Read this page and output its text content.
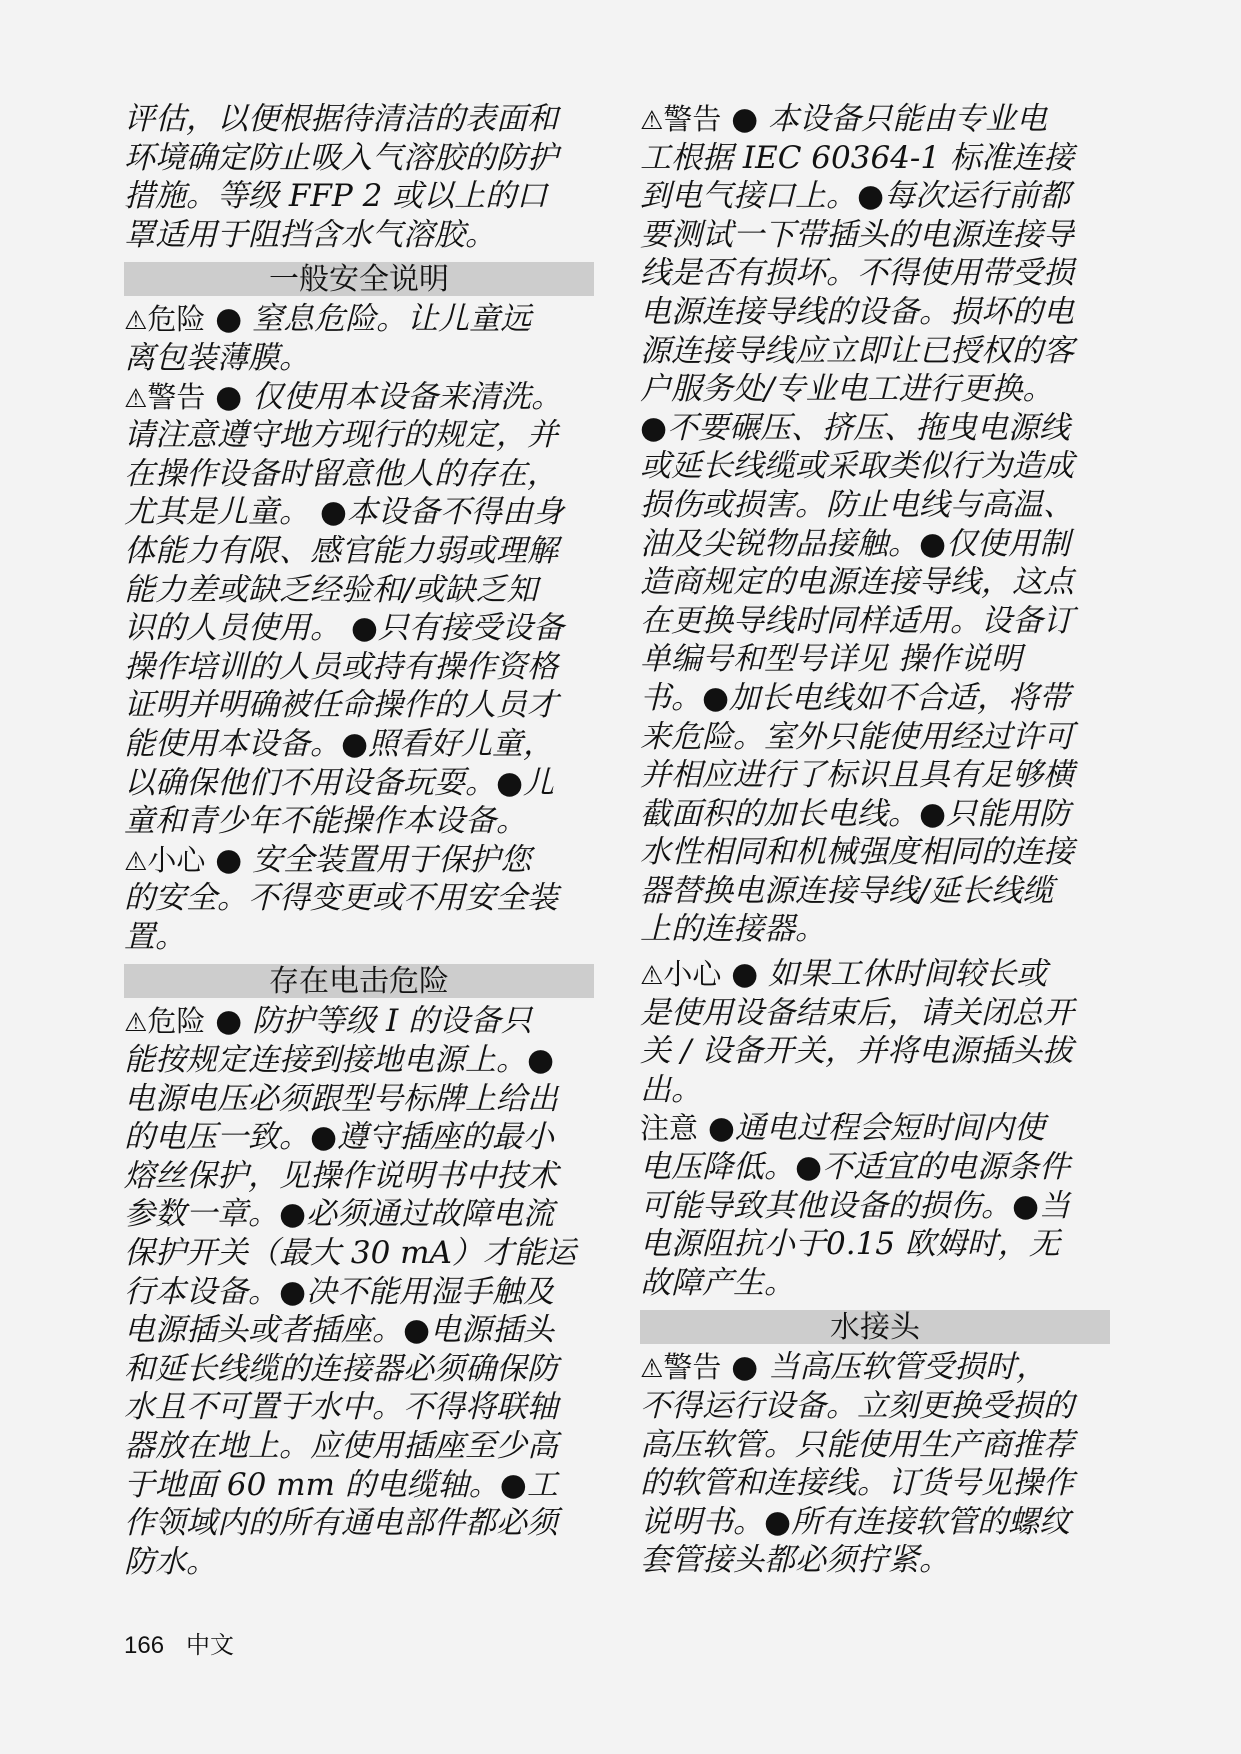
评估，以便根据待清洁的表面和
环境确定防止吸入气溶胶的防护
措施。等级 FFP 2 或以上的口
罩适用于阻挡含水气溶胶。
一般安全说明
⚠危险 ● 窒息危险。让儿童远
离包装薄膜。
⚠警告 ● 仅使用本设备来清洗。
请注意遵守地方现行的规定，并
在操作设备时留意他人的存在，
尤其是儿童。 ●本设备不得由身
体能力有限、感官能力弱或理解
能力差或缺乏经验和/或缺乏知
识的人员使用。 ●只有接受设备
操作培训的人员或持有操作资格
证明并明确被任命操作的人员才
能使用本设备。●照看好儿童，
以确保他们不用设备玩耍。●儿
童和青少年不能操作本设备。
⚠小心 ● 安全装置用于保护您
的安全。不得变更或不用安全装
置。
存在电击危险
⚠危险 ● 防护等级 I 的设备只
能按规定连接到接地电源上。●
电源电压必须跟型号标牌上给出
的电压一致。●遵守插座的最小
熔丝保护，见操作说明书中技术
参数一章。●必须通过故障电流
保护开关（最大 30 mA）才能运
行本设备。●决不能用湿手触及
电源插头或者插座。●电源插头
和延长线缆的连接器必须确保防
水且不可置于水中。不得将联轴
器放在地上。应使用插座至少高
于地面 60 mm 的电缆轴。●工
作领域内的所有通电部件都必须
防水。
⚠警告 ● 本设备只能由专业电
工根据 IEC 60364-1 标准连接
到电气接口上。●每次运行前都
要测试一下带插头的电源连接导
线是否有损坏。不得使用带受损
电源连接导线的设备。损坏的电
源连接导线应立即让已授权的客
户服务处/专业电工进行更换。
●不要碾压、挤压、拖曳电源线
或延长线缆或采取类似行为造成
损伤或损害。防止电线与高温、
油及尖锐物品接触。●仅使用制
造商规定的电源连接导线，这点
在更换导线时同样适用。设备订
单编号和型号详见 操作说明
书。●加长电线如不合适，将带
来危险。室外只能使用经过许可
并相应进行了标识且具有足够横
截面积的加长电线。●只能用防
水性相同和机械强度相同的连接
器替换电源连接导线/延长线缆
上的连接器。
⚠小心 ● 如果工休时间较长或
是使用设备结束后，请关闭总开
关 / 设备开关，并将电源插头拔
出。
注意 ●通电过程会短时间内使
电压降低。●不适宜的电源条件
可能导致其他设备的损伤。●当
电源阻抗小于0.15 欧姆时，无
故障产生。
水接头
⚠警告 ● 当高压软管受损时，
不得运行设备。立刻更换受损的
高压软管。只能使用生产商推荐
的软管和连接线。订货号见操作
说明书。●所有连接软管的螺纹
套管接头都必须拧紧。
166 中文
